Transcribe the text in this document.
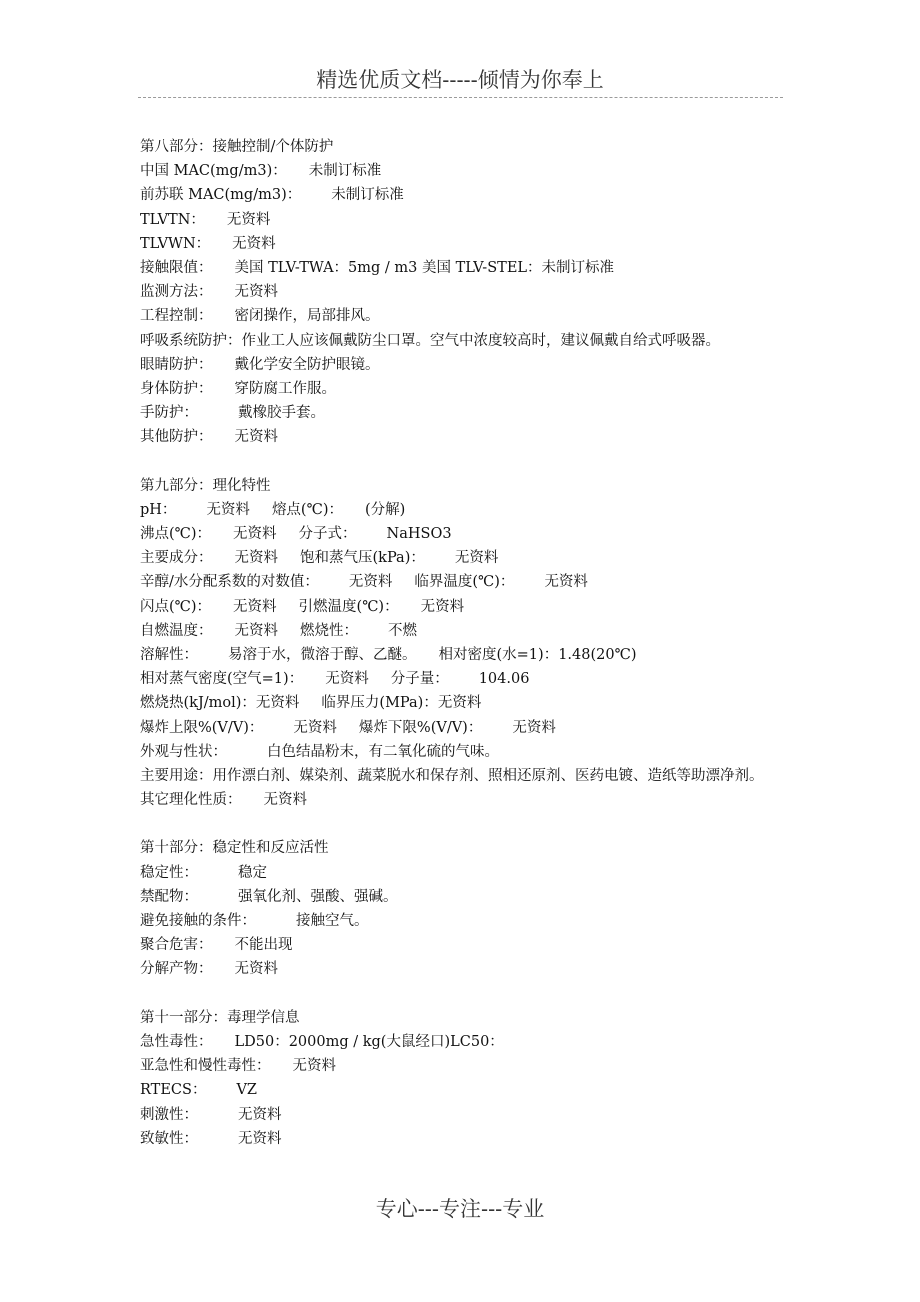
精选优质文档-----倾情为你奉上
第八部分：接触控制/个体防护
中国 MAC(mg/m3)： 未制订标准
前苏联 MAC(mg/m3)： 未制订标准
TLVTN： 无资料
TLVWN： 无资料
接触限值： 美国 TLV-TWA：5mg / m3 美国 TLV-STEL：未制订标准
监测方法： 无资料
工程控制： 密闭操作，局部排风。
呼吸系统防护：作业工人应该佩戴防尘口罩。空气中浓度较高时，建议佩戴自给式呼吸器。
眼睛防护： 戴化学安全防护眼镜。
身体防护： 穿防腐工作服。
手防护：	戴橡胶手套。
其他防护： 无资料
第九部分：理化特性
pH： 无资料 熔点(℃)： (分解)
沸点(℃)： 无资料 分子式： NaHSO3
主要成分： 无资料 饱和蒸气压(kPa)： 无资料
辛醇/水分配系数的对数值： 无资料 临界温度(℃)： 无资料
闪点(℃)： 无资料 引燃温度(℃)： 无资料
自燃温度： 无资料 燃烧性： 不燃
溶解性： 易溶于水，微溶于醇、乙醚。 相对密度(水=1)：1.48(20℃)
相对蒸气密度(空气=1)： 无资料 分子量： 104.06
燃烧热(kJ/mol)：无资料 临界压力(MPa)：无资料
爆炸上限%(V/V)： 无资料 爆炸下限%(V/V)： 无资料
外观与性状：	白色结晶粉末，有二氧化硫的气味。
主要用途：用作漂白剂、媒染剂、蔬菜脱水和保存剂、照相还原剂、医药电镀、造纸等助漂净剂。
其它理化性质： 无资料
第十部分：稳定性和反应活性
稳定性：	稳定
禁配物：	强氧化剂、强酸、强碱。
避免接触的条件：	接触空气。
聚合危害： 不能出现
分解产物： 无资料
第十一部分：毒理学信息
急性毒性： LD50：2000mg / kg(大鼠经口)LC50：
亚急性和慢性毒性： 无资料
RTECS： VZ
刺激性：	无资料
致敏性：	无资料
专心---专注---专业
